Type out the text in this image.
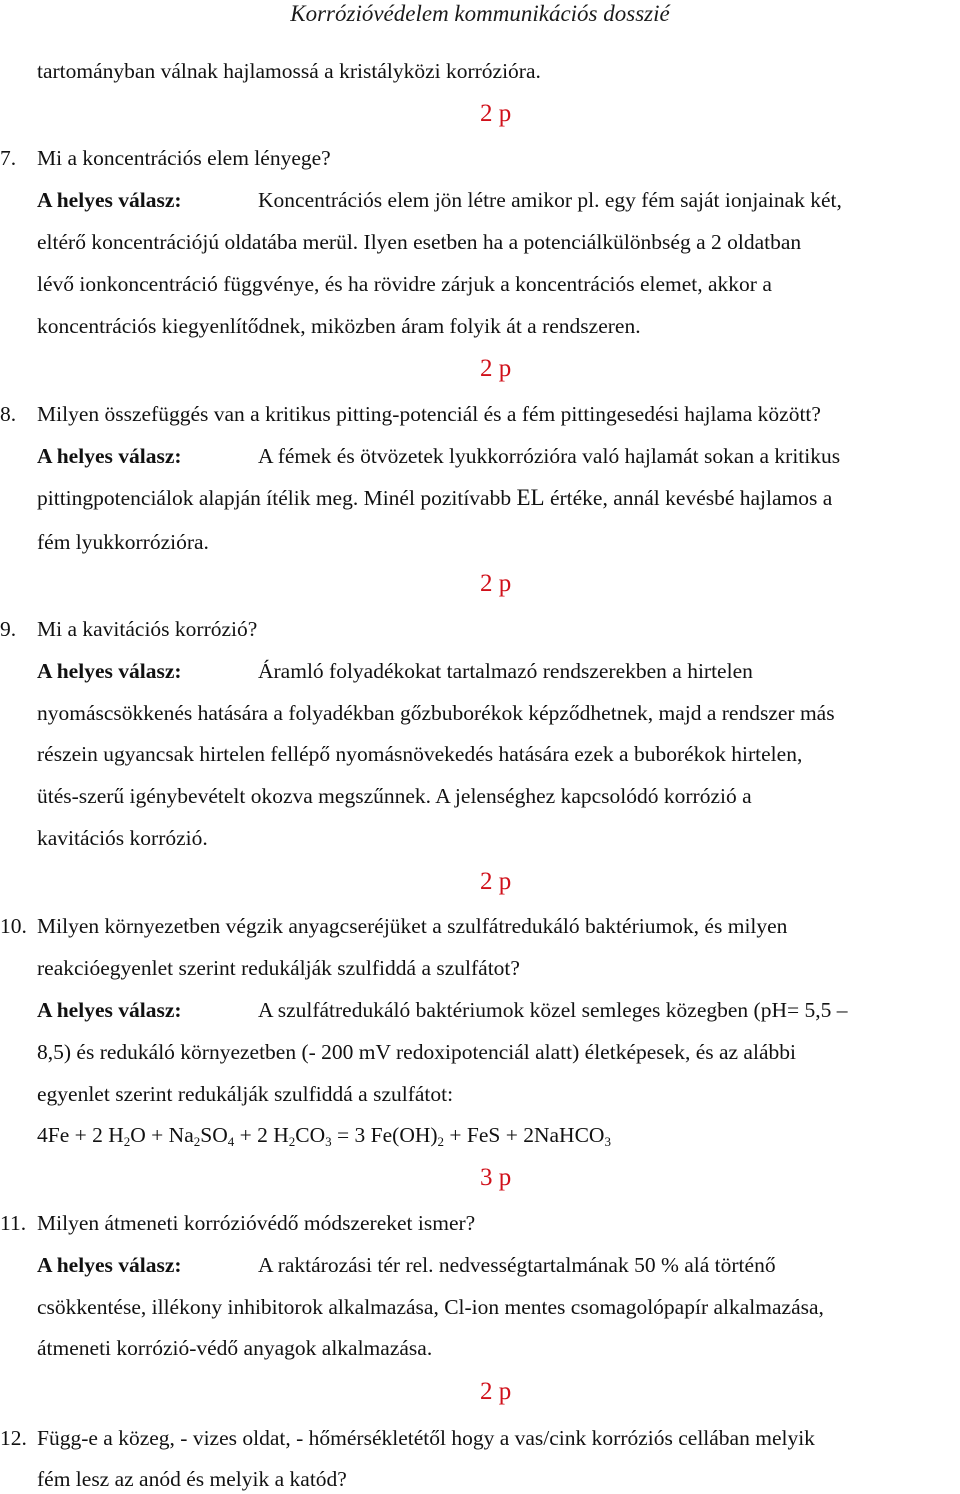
Korrózióvédelem kommunikációs dosszié
tartományban válnak hajlamossá a kristályközi korrózióra.
2 p
7. Mi a koncentrációs elem lényege?
A helyes válasz:	Koncentrációs elem jön létre amikor pl. egy fém saját ionjainak két,
eltérő koncentrációjú oldatába merül. Ilyen esetben ha a potenciálkülönbség a 2 oldatban
lévő ionkoncentráció függvénye, és ha rövidre zárjuk a koncentrációs elemet, akkor a
koncentrációs kiegyenlítődnek, miközben áram folyik át a rendszeren.
2 p
8. Milyen összefüggés van a kritikus pitting-potenciál és a fém pittingesedési hajlama között?
A helyes válasz:	A fémek és ötvözetek lyukkorrózióra való hajlamát sokan a kritikus
pittingpotenciálok alapján ítélik meg. Minél pozitívabb EL értéke, annál kevésbé hajlamos a
fém lyukkorrózióra.
2 p
9. Mi a kavitációs korrózió?
A helyes válasz:	Áramló folyadékokat tartalmazó rendszerekben a hirtelen
nyomáscsökkenés hatására a folyadékban gőzbuborékok képződhetnek, majd a rendszer más
részein ugyancsak hirtelen fellépő nyomásnövekedés hatására ezek a buborékok hirtelen,
ütés-szerű igénybevételt okozva megszűnnek. A jelenséghez kapcsolódó korrózió a
kavitációs korrózió.
2 p
10. Milyen környezetben végzik anyagcseréjüket a szulfátredukáló baktériumok, és milyen
reakcióegyenlet szerint redukálják szulfiddá a szulfátot?
A helyes válasz:	A szulfátredukáló baktériumok közel semleges közegben (pH= 5,5 –
8,5) és redukáló környezetben (- 200 mV redoxipotenciál alatt) életképesek, és az alábbi
egyenlet szerint redukálják szulfiddá a szulfátot:
4Fe + 2 $H_2O + Na_2SO_4 + 2$ $H_2CO_3 = 3$ $Fe(OH)_2$ + FeS + 2NaHCO$_3$
3 p
11. Milyen átmeneti korrózióvédő módszereket ismer?
A helyes válasz:	A raktározási tér rel. nedvességtartalmának 50 % alá történő
csökkentése, illékony inhibitorok alkalmazása, Cl-ion mentes csomagolópapír alkalmazása,
átmeneti korrózió-védő anyagok alkalmazása.
2 p
12. Függ-e a közeg, - vizes oldat, - hőmérsékletétől hogy a vas/cink korróziós cellában melyik
fém lesz az anód és melyik a katód?
